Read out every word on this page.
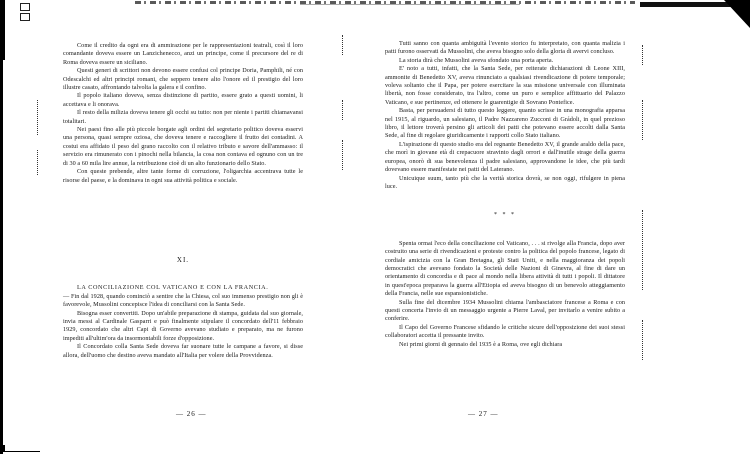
Come il credito da ogni era di ammirazione per le rappresentazioni teatrali, così il loro comandante doveva essere un Lanzichenecco, anzi un principe, come il precursore del re di Roma doveva essere un siciliano.

Questi generi di scrittori non devono essere confusi col principe Doria, Pamphili, né con Odescalchi ed altri principi romani, che seppero tenere alto l'onore ed il prestigio del loro illustre casato, affrontando talvolta la galera e il confino.

Il popolo italiano doveva, senza distinzione di partito, essere grato a questi uomini, li accettava e li onorava.

Il resto della milizia doveva tenere gli occhi su tutto: non per niente i partiti chiamavansi totalitari.

Nei paesi fino alle più piccole borgate agli ordini del segretario politico doveva esservi una persona, quasi sempre oziosa, che doveva tenere e raccogliere il frutto dei contadini. A costui era affidato il peso del grano raccolto con il relativo tributo e savore dell'ammasso: il servizio era rimunerato con i pinochi nella bilancia, la cosa non contava ed ognuno con un tre di 30 a 60 mila lire annue, la retribuzione cioè di un alto funzionario dello Stato.

Con queste prebende, altre tante forme di corruzione, l'oligarchia accentrava tutte le risorse del paese, e la dominava in ogni sua attività politica e sociale.

XI.

LA CONCILIAZIONE COL VATICANO E CON LA FRANCIA.

— Fin dal 1928, quando cominciò a sentire che la Chiesa, col suo immenso prestigio non gli è favorevole, Mussolini concepisce l'idea di conciliarsi con la Santa Sede.

Bisogna esser convertiti. Dopo un'abile preparazione di stampa, guidata dal suo giornale, invia messi al Cardinale Gasparri e può finalmente stipulare il concordato dell'11 febbraio 1929, concordato che altri Capi di Governo avevano studiato e preparato, ma ne furono impediti all'ultim'ora da insormontabili forze d'opposizione.

Il Concordato colla Santa Sede doveva far suonare tutte le campane a favore, si disse allora, dell'uomo che destino aveva mandato all'Italia per volere della Provvidenza.

— 26 —

Tutti sanno con quanta ambiguità l'evento storico fu interpretato, con quanta malizia i patti furono osservati da Mussolini, che aveva bisogno solo della gloria di avervi concluso.

La storia dirà che Mussolini aveva sfondato una porta aperta.

E' noto a tutti, infatti, che la Santa Sede, per reiterate dichiarazioni di Leone XIII, ammonite di Benedetto XV, aveva rinunciato a qualsiasi rivendicazione di potere temporale; voleva soltanto che il Papa, per potere esercitare la sua missione universale con illuminata libertà, non fosse considerato, tra l'altro, come un puro e semplice affittuario del Palazzo Vaticano, e sue pertinenze, ed ottenere le guarentigie di Sovrano Pontefice.

Basta, per persuadersi di tutto questo leggere, quanto scrisse in una monografia apparsa nel 1915, al riguardo, un salesiano, il Padre Nazzareno Zucconi di Grádoli, in quel prezioso libro, il lettore troverà persino gli articoli dei patti che potevano essere accolti dalla Santa Sede, al fine di regolare giuridicamente i rapporti collo Stato italiano.

L'ispirazione di questo studio era del regnante Benedetto XV, il grande araldo della pace, che morì in giovane età di crepacuore stravinto dagli orrori e dall'inutile strage della guerra europea, onorò di sua benevolenza il padre salesiano, approvandone le idee, che più tardi dovevano essere manifestate nei patti del Laterano.

Unicuique suum, tanto più che la verità storica dovrà, se non oggi, rifulgere in piena luce.

* * *

Spenta ormai l'eco della conciliazione col Vaticano, . . . si rivolge alla Francia, dopo aver costruito una serie di rivendicazioni e proteste contro la politica del popolo francese, legato di cordiale amicizia con la Gran Bretagna, gli Stati Uniti, e nella maggioranza dei popoli democratici che avevano fondato la Società delle Nazioni di Ginevra, al fine di dare un orientamento di concordia e di pace al mondo nella libera attività di tutti i popoli. Il dittatore in quest'epoca preparava la guerra all'Etiopia ed aveva bisogno di un benevolo atteggiamento della Francia, nelle sue espansionistiche.

Sulla fine del dicembre 1934 Mussolini chiama l'ambasciatore francese a Roma e con questi concerta l'invio di un messaggio urgente a Pierre Laval, per invitarlo a venire subito a conferire.

Il Capo del Governo Francese sfidando le critiche sicure dell'opposizione dei suoi stessi collaboratori accetta il pressante invito.

Nei primi giorni di gennaio del 1935 è a Roma, ove egli dichiara

— 27 —
